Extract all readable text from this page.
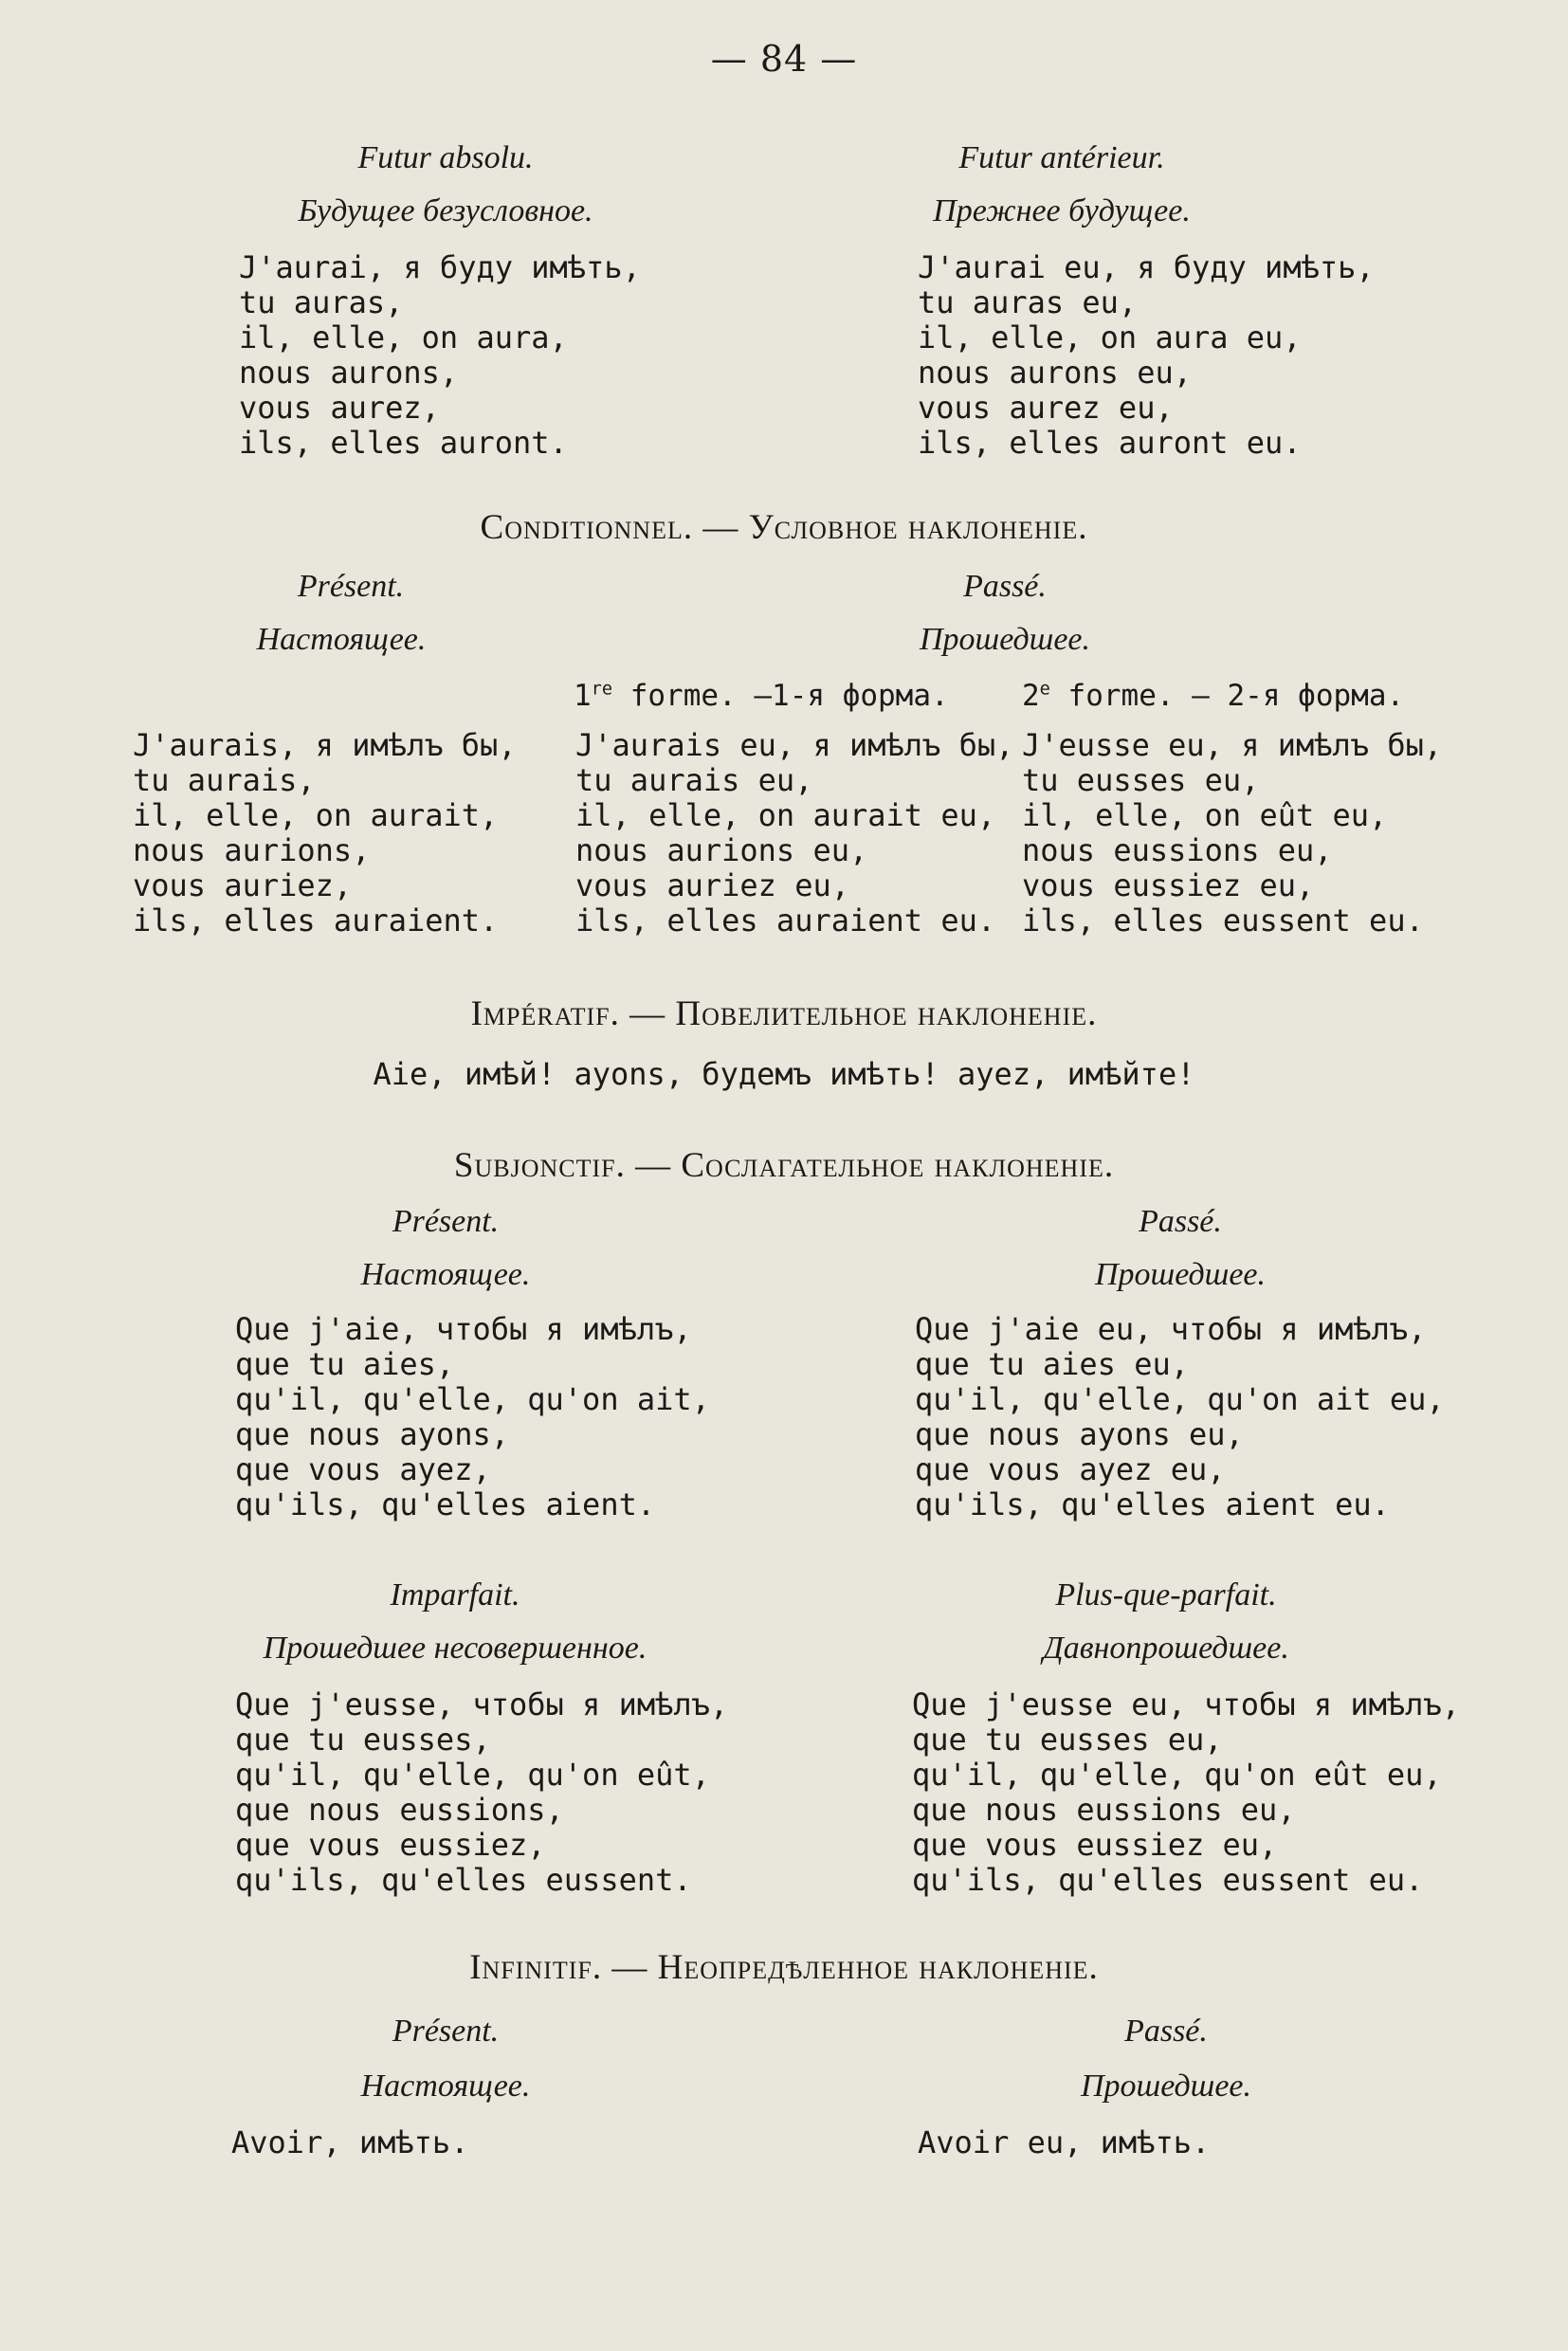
— 84 —
Futur absolu.
Будущее безусловное.
J'aurai, я буду имѣть,
tu auras,
il, elle, on aura,
nous aurons,
vous aurez,
ils, elles auront.
Futur antérieur.
Прежнее будущее.
J'aurai eu, я буду имѣть,
tu auras eu,
il, elle, on aura eu,
nous aurons eu,
vous aurez eu,
ils, elles auront eu.
Conditionnel. — Условное наклоненіе.
Présent.
Настоящее.
Passé.
Прошедшее.
1re forme. —1-я форма. 2e forme. — 2-я форма.
J'aurais, я имѣлъ бы,
tu aurais,
il, elle, on aurait,
nous aurions,
vous auriez,
ils, elles auraient.
J'aurais eu, я имѣлъ бы,
tu aurais eu,
il, elle, on aurait eu,
nous aurions eu,
vous auriez eu,
ils, elles auraient eu.
J'eusse eu, я имѣлъ бы,
tu eusses eu,
il, elle, on eût eu,
nous eussions eu,
vous eussiez eu,
ils, elles eussent eu.
Impératif. — Повелительное наклоненіе.
Aie, имѣй! ayons, будемъ имѣть! ayez, имѣйте!
Subjonctif. — Сослагательное наклоненіе.
Présent.
Настоящее.
Passé.
Прошедшее.
Que j'aie, чтобы я имѣлъ,
que tu aies,
qu'il, qu'elle, qu'on ait,
que nous ayons,
que vous ayez,
qu'ils, qu'elles aient.
Que j'aie eu, чтобы я имѣлъ,
que tu aies eu,
qu'il, qu'elle, qu'on ait eu,
que nous ayons eu,
que vous ayez eu,
qu'ils, qu'elles aient eu.
Imparfait.
Прошедшее несовершенное.
Plus-que-parfait.
Давнопрошедшее.
Que j'eusse, чтобы я имѣлъ,
que tu eusses,
qu'il, qu'elle, qu'on eût,
que nous eussions,
que vous eussiez,
qu'ils, qu'elles eussent.
Que j'eusse eu, чтобы я имѣлъ,
que tu eusses eu,
qu'il, qu'elle, qu'on eût eu,
que nous eussions eu,
que vous eussiez eu,
qu'ils, qu'elles eussent eu.
Infinitif. — Неопредѣленное наклоненіе.
Présent.
Настоящее.
Passé.
Прошедшее.
Avoir, имѣть.	Avoir eu, имѣть.
